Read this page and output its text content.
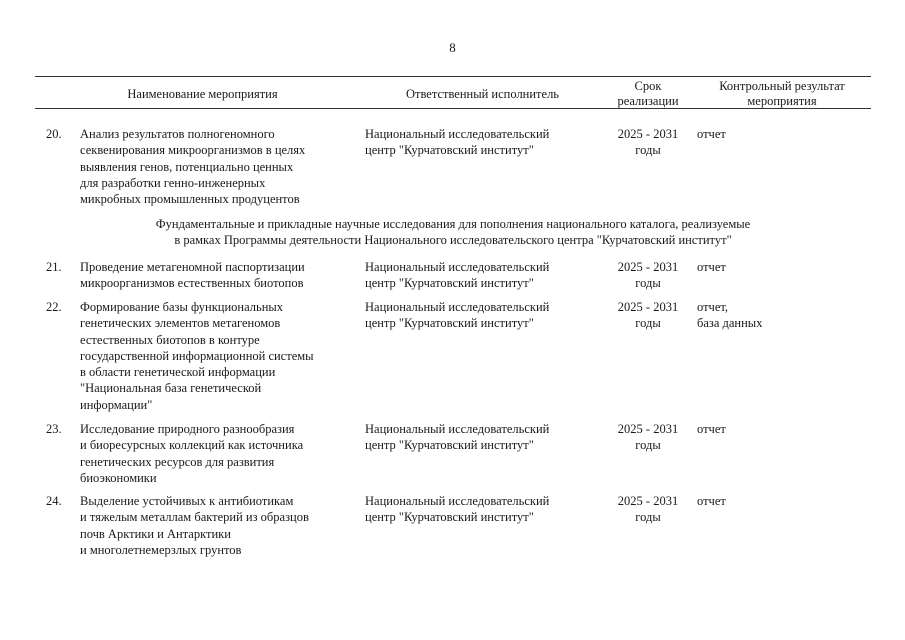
8
Наименование мероприятия	Ответственный исполнитель
Срок
реализации
Контрольный результат
мероприятия
20. Анализ результатов полногеномного
секвенирования микроорганизмов в целях
выявления генов, потенциально ценных
для разработки генно-инженерных
микробных промышленных продуцентов
Национальный исследовательский
центр "Курчатовский институт"
2025 - 2031
годы
отчет
Фундаментальные и прикладные научные исследования для пополнения национального каталога, реализуемые
в рамках Программы деятельности Национального исследовательского центра "Курчатовский институт"
21. Проведение метагеномной паспортизации
микроорганизмов естественных биотопов
Национальный исследовательский
центр "Курчатовский институт"
2025 - 2031
годы
отчет
22. Формирование базы функциональных
генетических элементов метагеномов
естественных биотопов в контуре
государственной информационной системы
в области генетической информации
"Национальная база генетической
информации"
Национальный исследовательский
центр "Курчатовский институт"
2025 - 2031
годы
отчет,
база данных
23. Исследование природного разнообразия
и биоресурсных коллекций как источника
генетических ресурсов для развития
биоэкономики
Национальный исследовательский
центр "Курчатовский институт"
2025 - 2031
годы
отчет
24. Выделение устойчивых к антибиотикам
и тяжелым металлам бактерий из образцов
почв Арктики и Антарктики
и многолетнемерзлых грунтов
Национальный исследовательский
центр "Курчатовский институт"
2025 - 2031
годы
отчет
